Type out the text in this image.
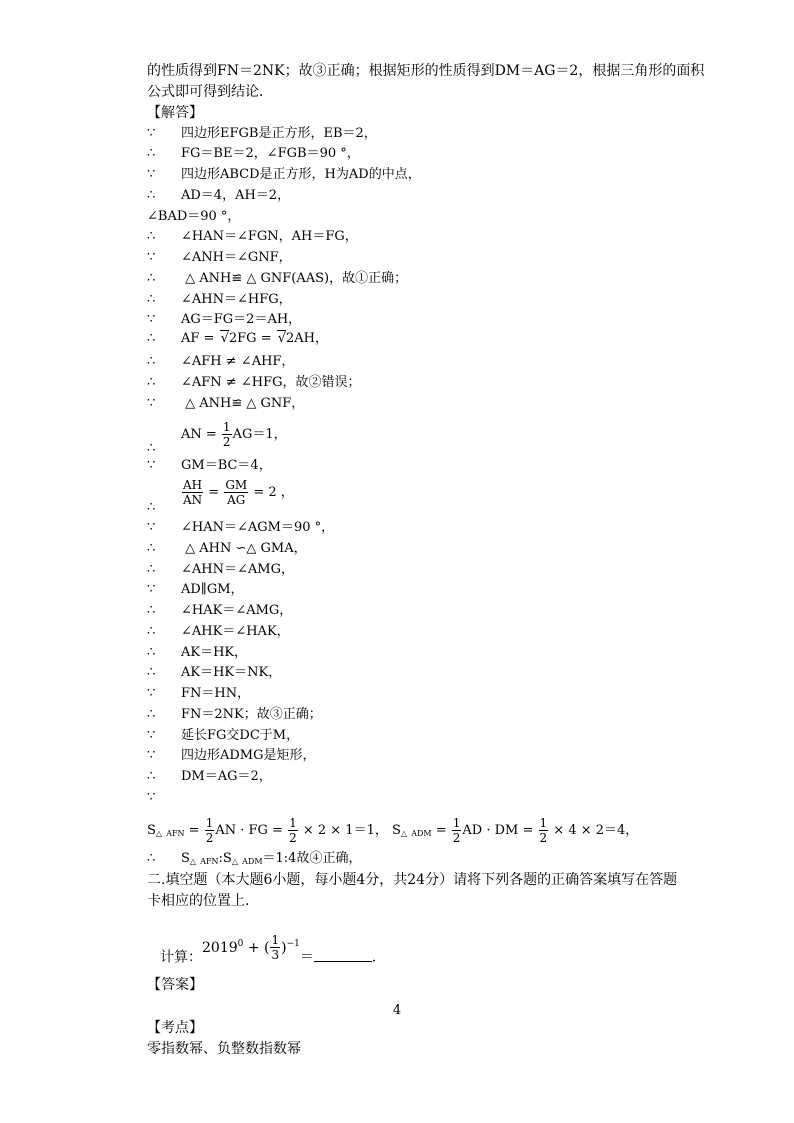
的性质得到FN＝2NK；故③正确；根据矩形的性质得到DM＝AG＝2，根据三角形的面积
公式即可得到结论．
【解答】
∵ 四边形EFGB是正方形，EB＝2，
∴ FG＝BE＝2，∠FGB＝90 °，
∵ 四边形ABCD是正方形，H为AD的中点，
∴ AD＝4，AH＝2，
∠BAD＝90 °，
∴ ∠HAN＝∠FGN，AH＝FG，
∵ ∠ANH＝∠GNF，
∴ △ ANH≌ △ GNF(AAS)，故①正确；
∴ ∠AHN＝∠HFG，
∵ AG＝FG＝2＝AH，
∴ AF = √2FG = √2AH，
∴ ∠AFH ≠ ∠AHF，
∴ ∠AFN ≠ ∠HFG，故②错误；
∵ △ ANH≌ △ GNF，
AN = $\frac{1}{2} AG=1$，
∴
∵ GM＝BC＝4，
$\frac{AH}{AN} = \frac{GM}{AG} = 2$ ，
∴
∵ ∠HAN＝∠AGM＝90 °，
∴ △ AHN ∽△ GMA，
∴ ∠AHN＝∠AMG，
∵ AD∥GM，
∴ ∠HAK＝∠AMG，
∴ ∠AHK＝∠HAK，
∴ AK＝HK，
∴ AK＝HK＝NK，
∵ FN＝HN，
∴ FN＝2NK；故③正确；
∵ 延长FG交DC于M，
∵ 四边形ADMG是矩形，
∴ DM＝AG＝2，
∵
$S_\triangle$ $_{AFN} = \frac{1}{2}$ AN · FG = $\frac{1}{2} \times 2 \times 1=1$， $S_\triangle$ $_{ADM} = \frac{1}{2}$ AD · DM = $\frac{1}{2} \times 4 \times 2=4$，
∴ $S_\triangle$ $_{AFN}:S_\triangle$ $_{ADM}$＝1:4故④正确，
二.填空题（本大题6小题，每小题4分，共24分）请将下列各题的正确答案填写在答题
卡相应的位置上.
计算：$2019^0$ + ( $\frac{1}{3} )^{-1}=$	．
【答案】
4
【考点】
零指数幂、负整数指数幂
